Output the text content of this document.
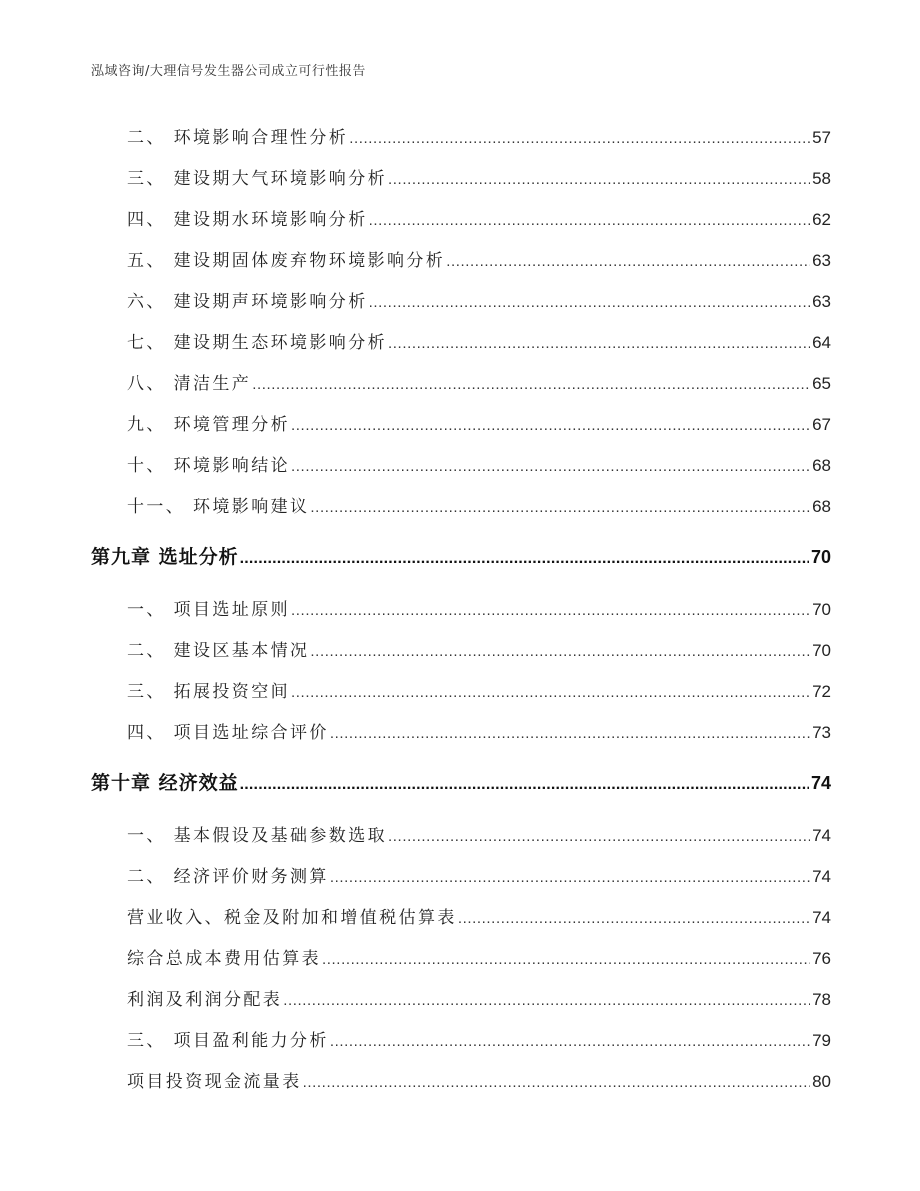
泓域咨询/大理信号发生器公司成立可行性报告
二、 环境影响合理性分析 .....	57
三、 建设期大气环境影响分析 .....	58
四、 建设期水环境影响分析 .....	62
五、 建设期固体废弃物环境影响分析 .....	63
六、 建设期声环境影响分析 .....	63
七、 建设期生态环境影响分析 .....	64
八、 清洁生产 .....	65
九、 环境管理分析 .....	67
十、 环境影响结论 .....	68
十一、 环境影响建议 .....	68
第九章 选址分析 .....	70
一、 项目选址原则 .....	70
二、 建设区基本情况 .....	70
三、 拓展投资空间 .....	72
四、 项目选址综合评价 .....	73
第十章 经济效益 .....	74
一、 基本假设及基础参数选取 .....	74
二、 经济评价财务测算 .....	74
营业收入、税金及附加和增值税估算表 .....	74
综合总成本费用估算表 .....	76
利润及利润分配表 .....	78
三、 项目盈利能力分析 .....	79
项目投资现金流量表 .....	80
